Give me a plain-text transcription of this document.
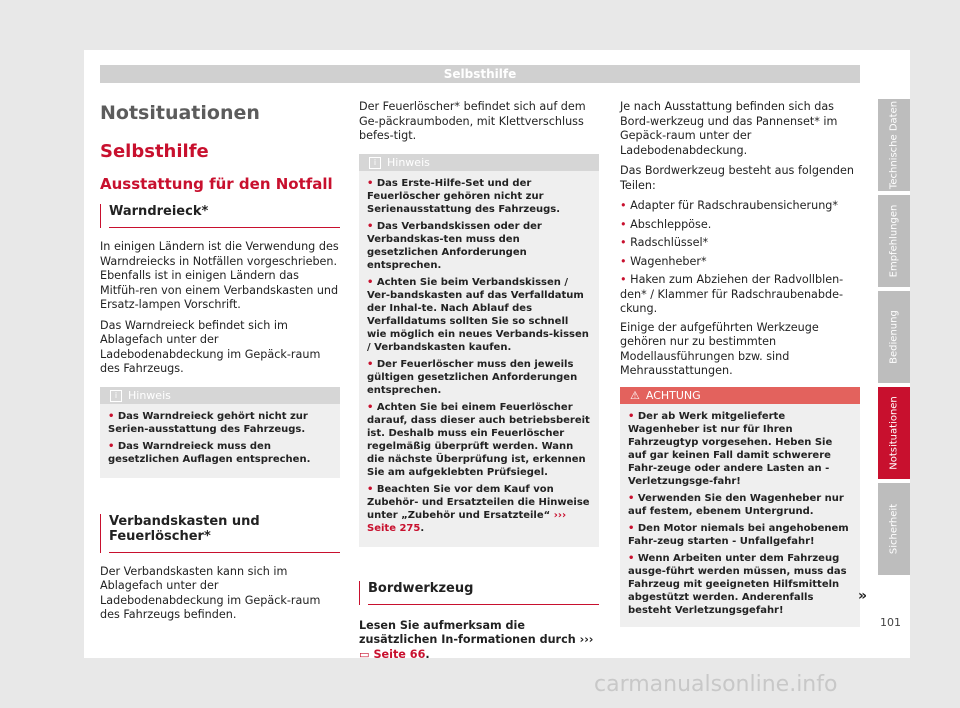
Selbsthilfe
Notsituationen
Selbsthilfe
Ausstattung für den Notfall
Warndreieck*

In einigen Ländern ist die Verwendung des Warndreiecks in Notfällen vorgeschrieben. Ebenfalls ist in einigen Ländern das Mitfüh-ren von einem Verbandskasten und Ersatz-lampen Vorschrift.

Das Warndreieck befindet sich im Ablagefach unter der Ladebodenabdeckung im Gepäck-raum des Fahrzeugs.

i Hinweis
• Das Warndreieck gehört nicht zur Serien-ausstattung des Fahrzeugs.
• Das Warndreieck muss den gesetzlichen Auflagen entsprechen.
Verbandskasten und Feuerlöscher*

Der Verbandskasten kann sich im Ablagefach unter der Ladebodenabdeckung im Gepäck-raum des Fahrzeugs befinden.

Der Feuerlöscher* befindet sich auf dem Ge-päckraumboden, mit Klettverschluss befes-tigt.

i Hinweis
• Das Erste-Hilfe-Set und der Feuerlöscher gehören nicht zur Serienausstattung des Fahrzeugs.
• Das Verbandskissen oder der Verbandskas-ten muss den gesetzlichen Anforderungen entsprechen.
• Achten Sie beim Verbandskissen / Ver-bandskasten auf das Verfalldatum der Inhal-te. Nach Ablauf des Verfalldatums sollten Sie so schnell wie möglich ein neues Verbands-kissen / Verbandskasten kaufen.
• Der Feuerlöscher muss den jeweils gültigen gesetzlichen Anforderungen entsprechen.
• Achten Sie bei einem Feuerlöscher darauf, dass dieser auch betriebsbereit ist. Deshalb muss ein Feuerlöscher regelmäßig überprüft werden. Wann die nächste Überprüfung ist, erkennen Sie am aufgeklebten Prüfsiegel.
• Beachten Sie vor dem Kauf von Zubehör- und Ersatzteilen die Hinweise unter „Zubehör und Ersatzteile“ ››› Seite 275.
Bordwerkzeug

Lesen Sie aufmerksam die zusätzlichen In-formationen durch ››› ▭ Seite 66.

Je nach Ausstattung befinden sich das Bord-werkzeug und das Pannenset* im Gepäck-raum unter der Ladebodenabdeckung.

Das Bordwerkzeug besteht aus folgenden Teilen:

• Adapter für Radschraubensicherung*

• Abschleppöse.

• Radschlüssel*

• Wagenheber*

• Haken zum Abziehen der Radvollblen-den* / Klammer für Radschraubenabde-ckung.

Einige der aufgeführten Werkzeuge gehören nur zu bestimmten Modellausführungen bzw. sind Mehrausstattungen.

⚠ ACHTUNG
• Der ab Werk mitgelieferte Wagenheber ist nur für Ihren Fahrzeugtyp vorgesehen. Heben Sie auf gar keinen Fall damit schwerere Fahr-zeuge oder andere Lasten an - Verletzungsge-fahr!
• Verwenden Sie den Wagenheber nur auf festem, ebenem Untergrund.
• Den Motor niemals bei angehobenem Fahr-zeug starten - Unfallgefahr!
• Wenn Arbeiten unter dem Fahrzeug ausge-führt werden müssen, muss das Fahrzeug mit geeigneten Hilfsmitteln abgestützt werden. Anderenfalls besteht Verletzungsgefahr!
»
101
Technische Daten
Empfehlungen
Bedienung
Notsituationen
Sicherheit
carmanualsonline.info
